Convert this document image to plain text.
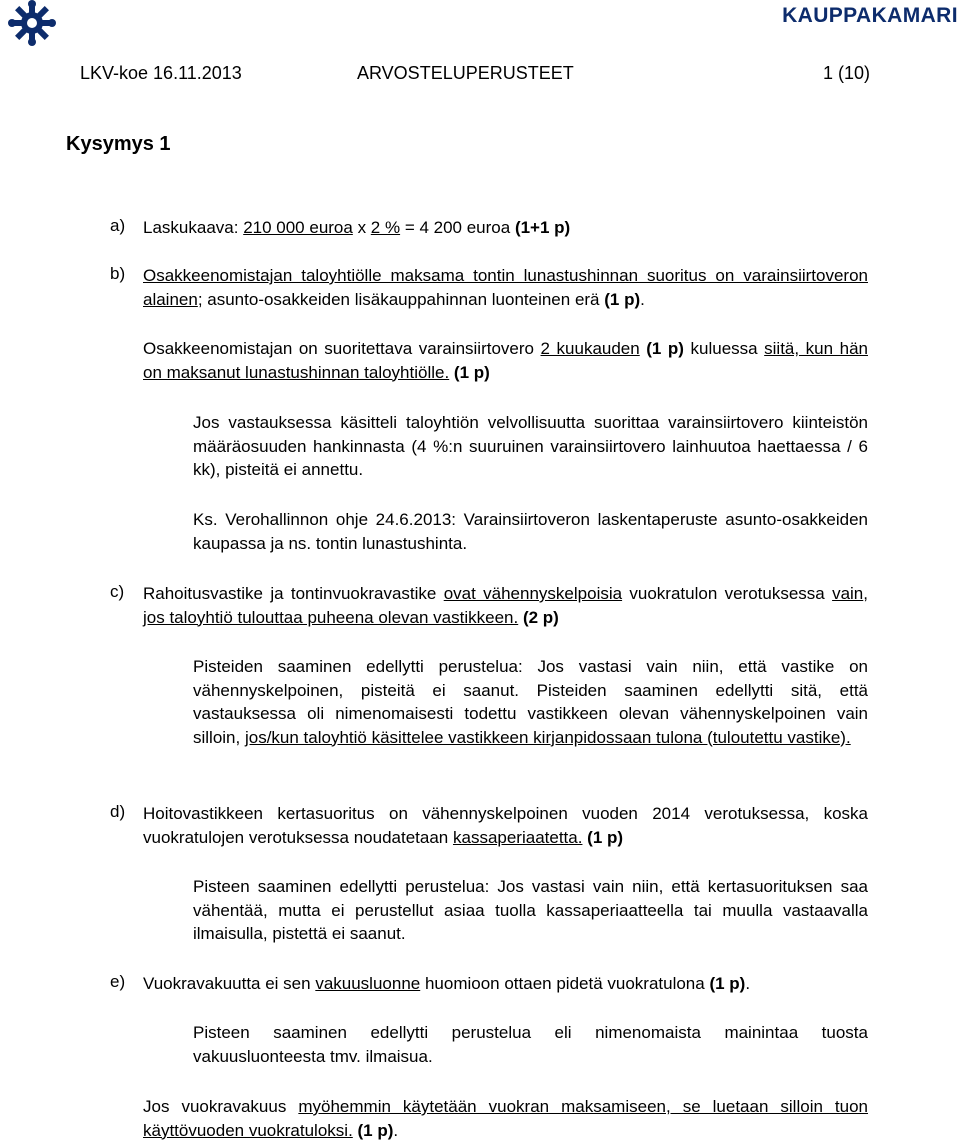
KAUPPAKAMARI
LKV-koe 16.11.2013	ARVOSTELUPERUSTEET	1 (10)
Kysymys 1
a) Laskukaava: 210 000 euroa x 2 % = 4 200 euroa (1+1 p)
b) Osakkeenomistajan taloyhtiölle maksama tontin lunastushinnan suoritus on varainsiirtoveron alainen; asunto-osakkeiden lisäkauppahinnan luonteinen erä (1 p).
Osakkeenomistajan on suoritettava varainsiirtovero 2 kuukauden (1 p) kuluessa siitä, kun hän on maksanut lunastushinnan taloyhtiölle. (1 p)
Jos vastauksessa käsitteli taloyhtiön velvollisuutta suorittaa varainsiirtovero kiinteistön määräosuuden hankinnasta (4 %:n suuruinen varainsiirtovero lainhuutoa haettaessa / 6 kk), pisteitä ei annettu.
Ks. Verohallinnon ohje 24.6.2013: Varainsiirtoveron laskentaperuste asunto-osakkeiden kaupassa ja ns. tontin lunastushinta.
c) Rahoitusvastike ja tontinvuokravastike ovat vähennyskelpoisia vuokratulon verotuksessa vain, jos taloyhtiö tulouttaa puheena olevan vastikkeen. (2 p)
Pisteiden saaminen edellytti perustelua: Jos vastasi vain niin, että vastike on vähennyskelpoinen, pisteitä ei saanut. Pisteiden saaminen edellytti sitä, että vastauksessa oli nimenomaisesti todettu vastikkeen olevan vähennyskelpoinen vain silloin, jos/kun taloyhtiö käsittelee vastikkeen kirjanpidossaan tulona (tuloutettu vastike).
d) Hoitovastikkeen kertasuoritus on vähennyskelpoinen vuoden 2014 verotuksessa, koska vuokratulojen verotuksessa noudatetaan kassaperiaatetta. (1 p)
Pisteen saaminen edellytti perustelua: Jos vastasi vain niin, että kertasuorituksen saa vähentää, mutta ei perustellut asiaa tuolla kassaperiaatteella tai muulla vastaavalla ilmaisulla, pistettä ei saanut.
e) Vuokravakuutta ei sen vakuusluonne huomioon ottaen pidetä vuokratulona (1 p).
Pisteen saaminen edellytti perustelua eli nimenomaista mainintaa tuosta vakuusluonteesta tmv. ilmaisua.
Jos vuokravakuus myöhemmin käytetään vuokran maksamiseen, se luetaan silloin tuon käyttövuoden vuokratuloksi. (1 p).
